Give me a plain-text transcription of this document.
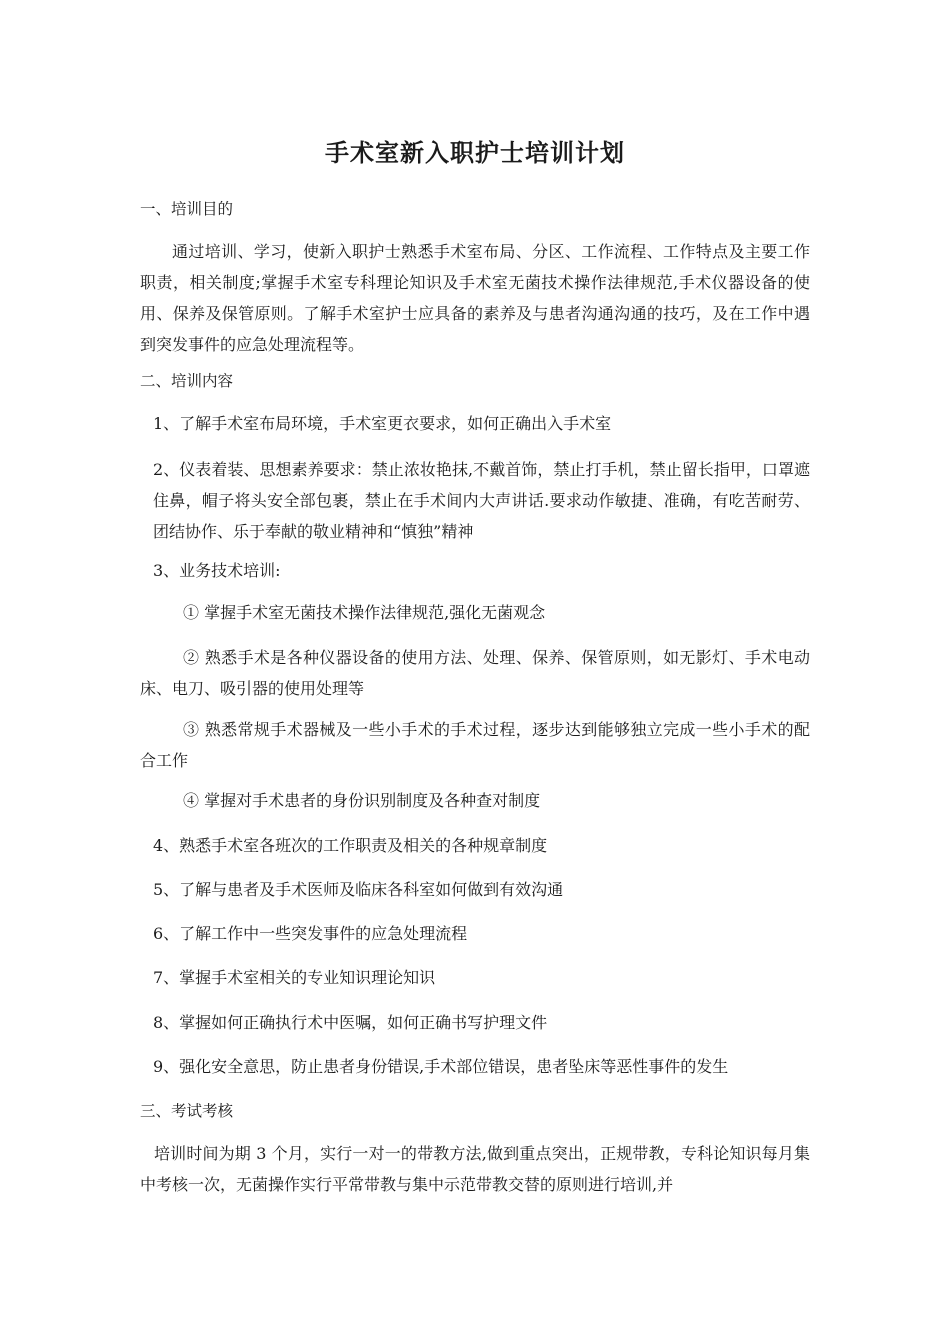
手术室新入职护士培训计划
一、培训目的
通过培训、学习，使新入职护士熟悉手术室布局、分区、工作流程、工作特点及主要工作职责，相关制度;掌握手术室专科理论知识及手术室无菌技术操作法律规范,手术仪器设备的使用、保养及保管原则。了解手术室护士应具备的素养及与患者沟通沟通的技巧，及在工作中遇到突发事件的应急处理流程等。
二、培训内容
1、了解手术室布局环境，手术室更衣要求，如何正确出入手术室
2、仪表着装、思想素养要求：禁止浓妆艳抹,不戴首饰，禁止打手机，禁止留长指甲，口罩遮住鼻，帽子将头安全部包裹，禁止在手术间内大声讲话.要求动作敏捷、准确，有吃苦耐劳、团结协作、乐于奉献的敬业精神和“慎独”精神
3、业务技术培训:
① 掌握手术室无菌技术操作法律规范,强化无菌观念
② 熟悉手术是各种仪器设备的使用方法、处理、保养、保管原则，如无影灯、手术电动床、电刀、吸引器的使用处理等
③ 熟悉常规手术器械及一些小手术的手术过程，逐步达到能够独立完成一些小手术的配合工作
④ 掌握对手术患者的身份识别制度及各种查对制度
4、熟悉手术室各班次的工作职责及相关的各种规章制度
5、了解与患者及手术医师及临床各科室如何做到有效沟通
6、了解工作中一些突发事件的应急处理流程
7、掌握手术室相关的专业知识理论知识
8、掌握如何正确执行术中医嘱，如何正确书写护理文件
9、强化安全意思，防止患者身份错误,手术部位错误，患者坠床等恶性事件的发生
三、考试考核
培训时间为期 3 个月，实行一对一的带教方法,做到重点突出，正规带教，专科论知识每月集中考核一次，无菌操作实行平常带教与集中示范带教交替的原则进行培训,并
